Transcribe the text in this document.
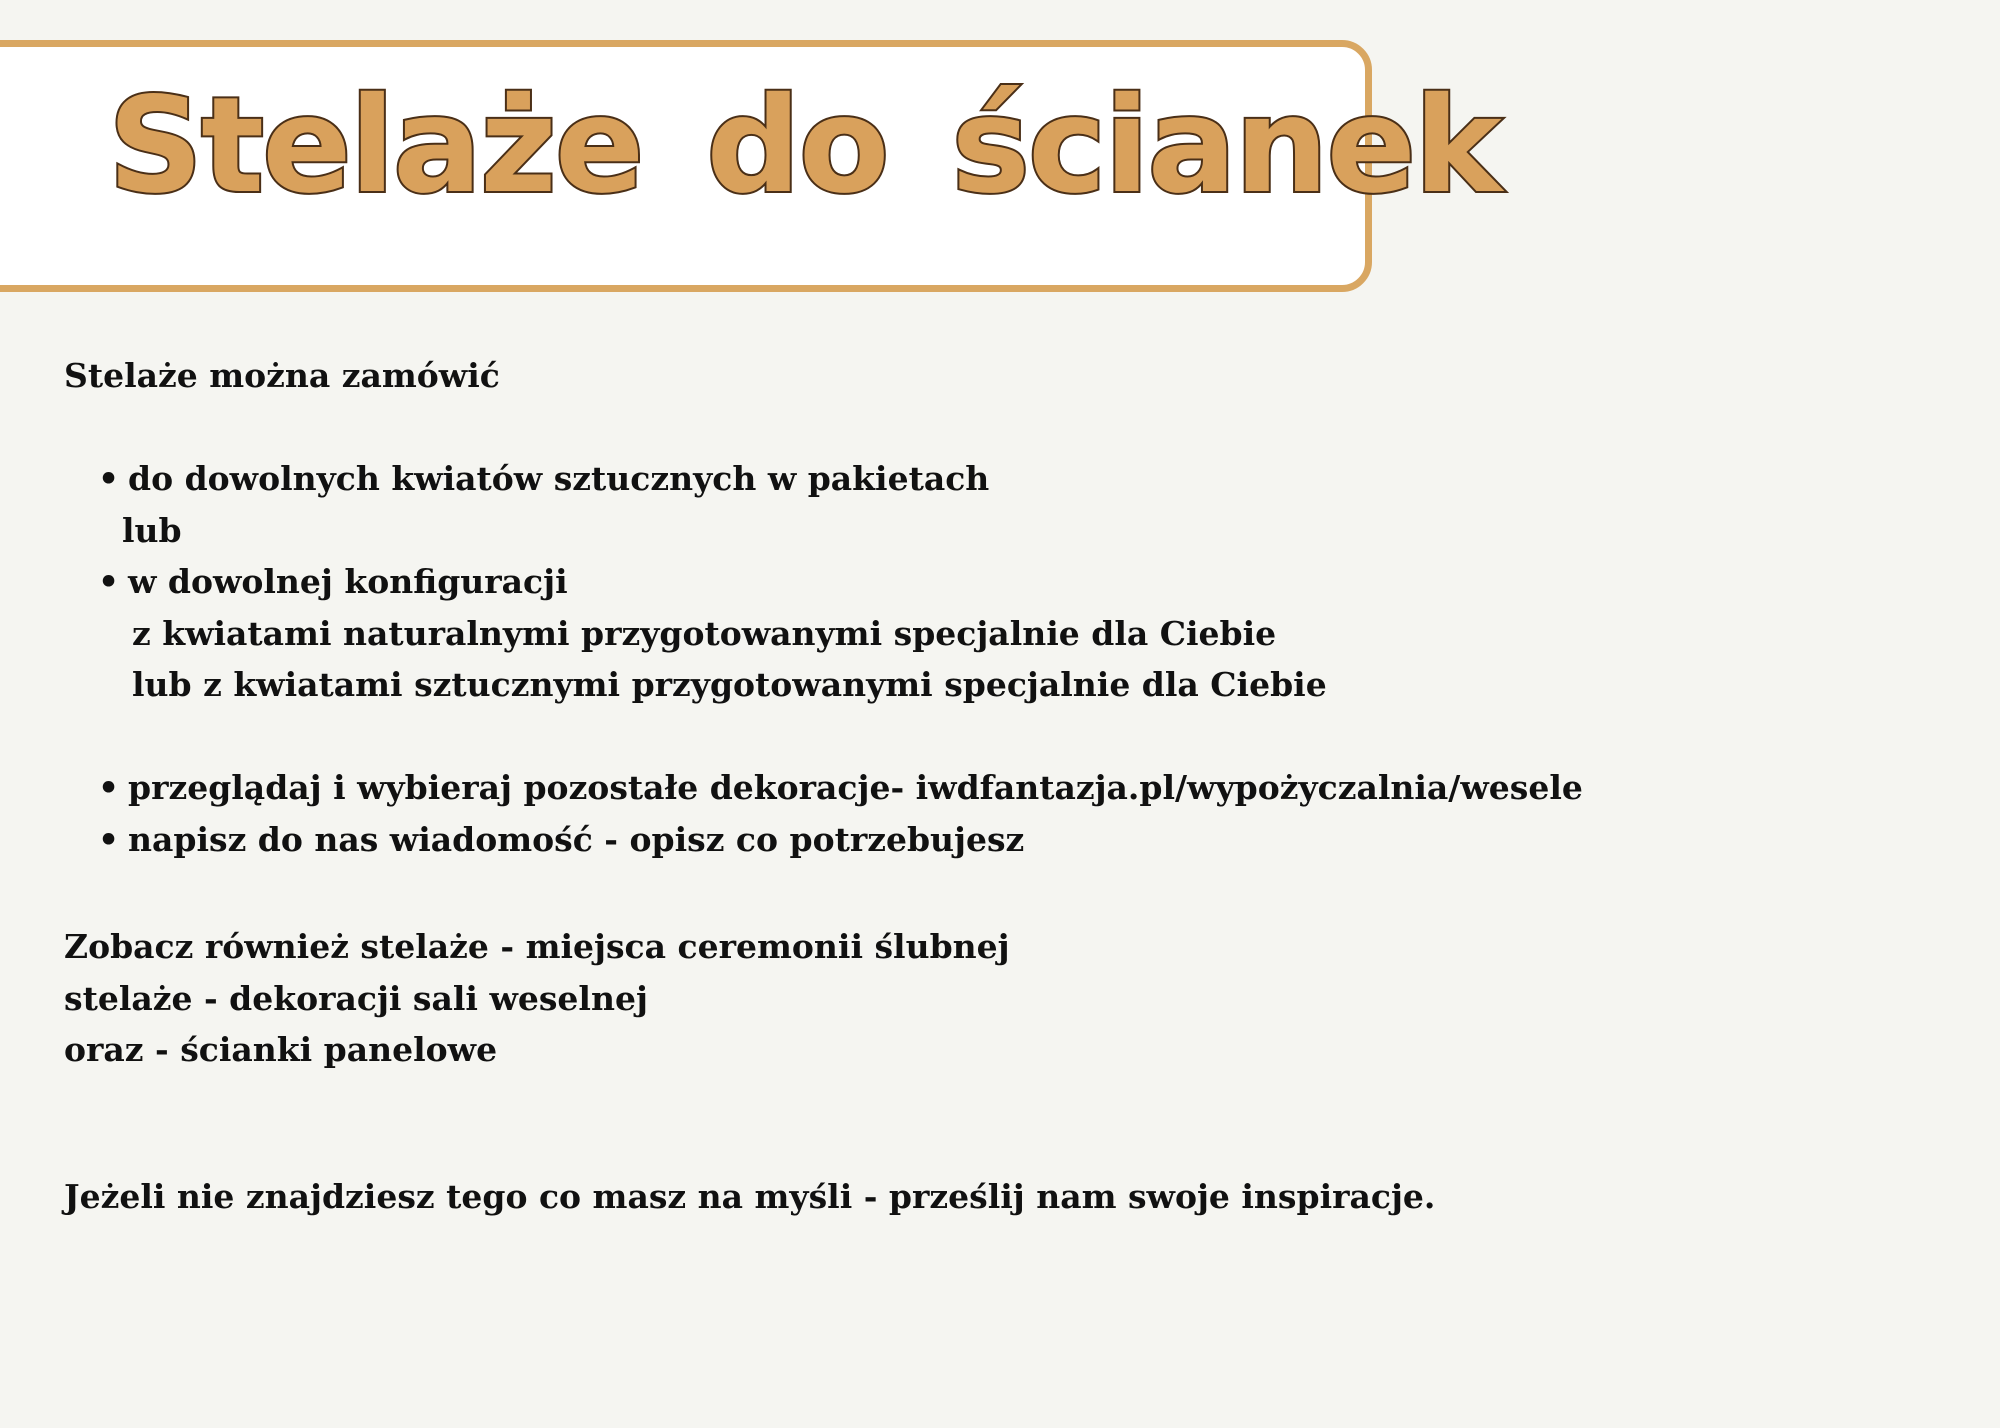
Stelaże do ścianek
Stelaże można zamówić
• do dowolnych kwiatów sztucznych w pakietach
lub
• w dowolnej konfiguracji
z kwiatami naturalnymi przygotowanymi specjalnie dla Ciebie
lub z kwiatami sztucznymi przygotowanymi specjalnie dla Ciebie
• przeglądaj i wybieraj pozostałe dekoracje- iwdfantazja.pl/wypożyczalnia/wesele
• napisz do nas wiadomość - opisz co potrzebujesz
Zobacz również stelaże - miejsca ceremonii ślubnej
stelaże - dekoracji sali weselnej
oraz - ścianki panelowe
Jeżeli nie znajdziesz tego co masz na myśli - prześlij nam swoje inspiracje.
